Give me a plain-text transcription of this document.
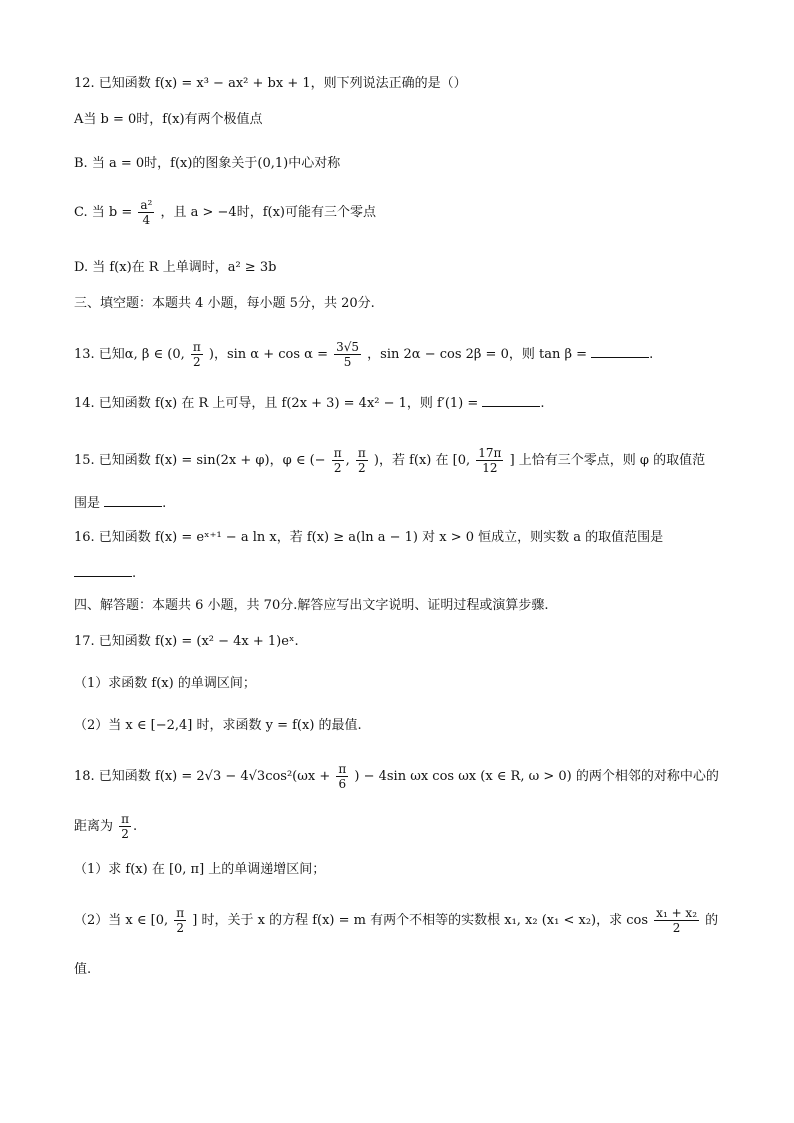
12. 已知函数 f(x) = x³ − ax² + bx + 1，则下列说法正确的是（）
A当 b = 0时，f(x)有两个极值点
B. 当 a = 0时，f(x)的图象关于(0,1)中心对称
C. 当 $b = \frac{\text{a²}}{4}$ ，且 a > −4时，f(x)可能有三个零点
D. 当 f(x)在 R 上单调时，a² ≥ 3b
三、填空题：本题共 4 小题，每小题 5分，共 20分.
13. 已知α, β ∈ (0, $\frac{\pi}{2}$ )，$\sin \alpha + \cos \alpha = \frac{3√5}{5}$ ，sin 2α − cos 2β = 0，则 tan β =	.
14. 已知函数 f(x) 在 R 上可导，且 f(2x + 3) = 4x² − 1，则 f′(1) =	.
15. 已知函数 f(x) = sin(2x + φ)，φ ∈ (− $\frac{\pi}{2}$ , $\frac{\pi}{2}$ )，若 f(x) 在 [0, $\frac{17\pi}{12}$ ] 上恰有三个零点，则 φ 的取值范
围是	.
16. 已知函数 f(x) = eˣ⁺¹ − a ln x，若 f(x) ≥ a(ln a − 1) 对 x > 0 恒成立，则实数 a 的取值范围是
.
四、解答题：本题共 6 小题，共 70分.解答应写出文字说明、证明过程或演算步骤.
17. 已知函数 f(x) = (x² − 4x + 1)eˣ.
（1）求函数 f(x) 的单调区间；
（2）当 x ∈ [−2,4] 时，求函数 y = f(x) 的最值.
18. 已知函数 $f(x) = 2√3 - 4√3\cos^2(\omega x + \frac{\pi}{6}$ ) − 4sin ωx cos ωx (x ∈ R, ω > 0) 的两个相邻的对称中心的
距离为 $\frac{\pi}{2}$ .
（1）求 f(x) 在 [0, π] 上的单调递增区间；
（2）当 x ∈ [0, $\frac{\pi}{2}$ ] 时，关于 x 的方程 f(x) = m 有两个不相等的实数根 x₁, x₂ (x₁ < x₂)，求 $\cos \frac{\text{x₁ + x₂}}{2}$ 的
值.
